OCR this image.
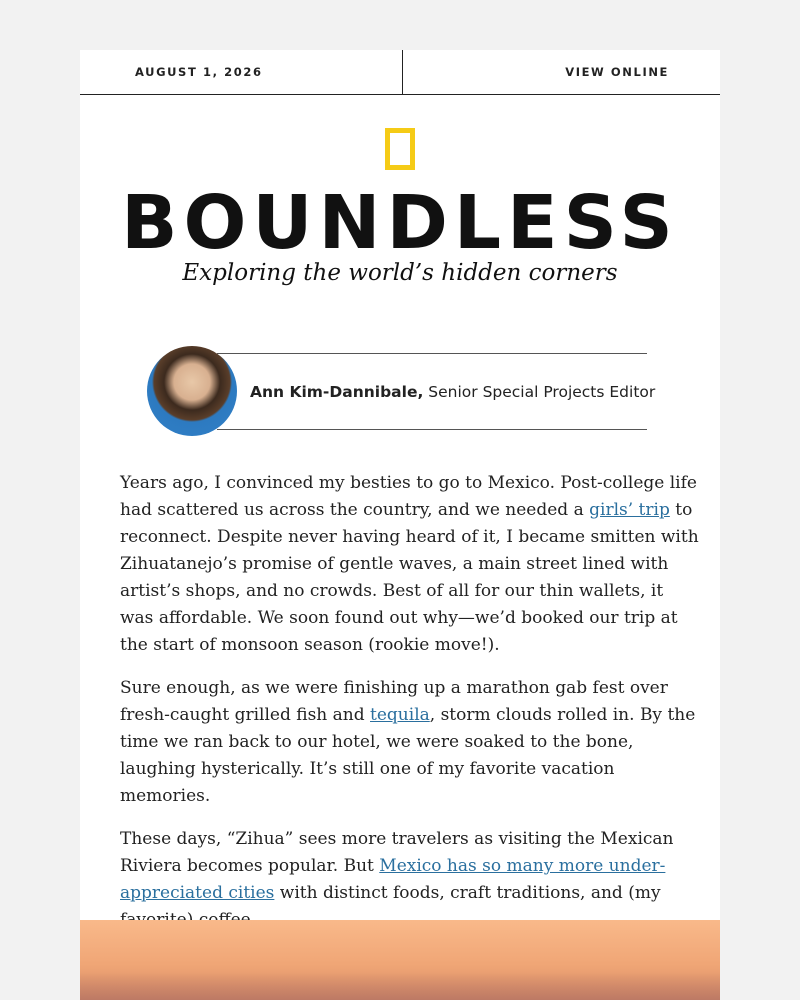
AUGUST 1, 2026	VIEW ONLINE
BOUNDLESS
Exploring the world’s hidden corners
Ann Kim-Dannibale, Senior Special Projects Editor

Years ago, I convinced my besties to go to Mexico. Post-college life had scattered us across the country, and we needed a girls’ trip to reconnect. Despite never having heard of it, I became smitten with Zihuatanejo’s promise of gentle waves, a main street lined with artist’s shops, and no crowds. Best of all for our thin wallets, it was affordable. We soon found out why—we’d booked our trip at the start of monsoon season (rookie move!).

Sure enough, as we were finishing up a marathon gab fest over fresh-caught grilled fish and tequila, storm clouds rolled in. By the time we ran back to our hotel, we were soaked to the bone, laughing hysterically. It’s still one of my favorite vacation memories.

These days, “Zihua” sees more travelers as visiting the Mexican Riviera becomes popular. But Mexico has so many more under-appreciated cities with distinct foods, craft traditions, and (my
